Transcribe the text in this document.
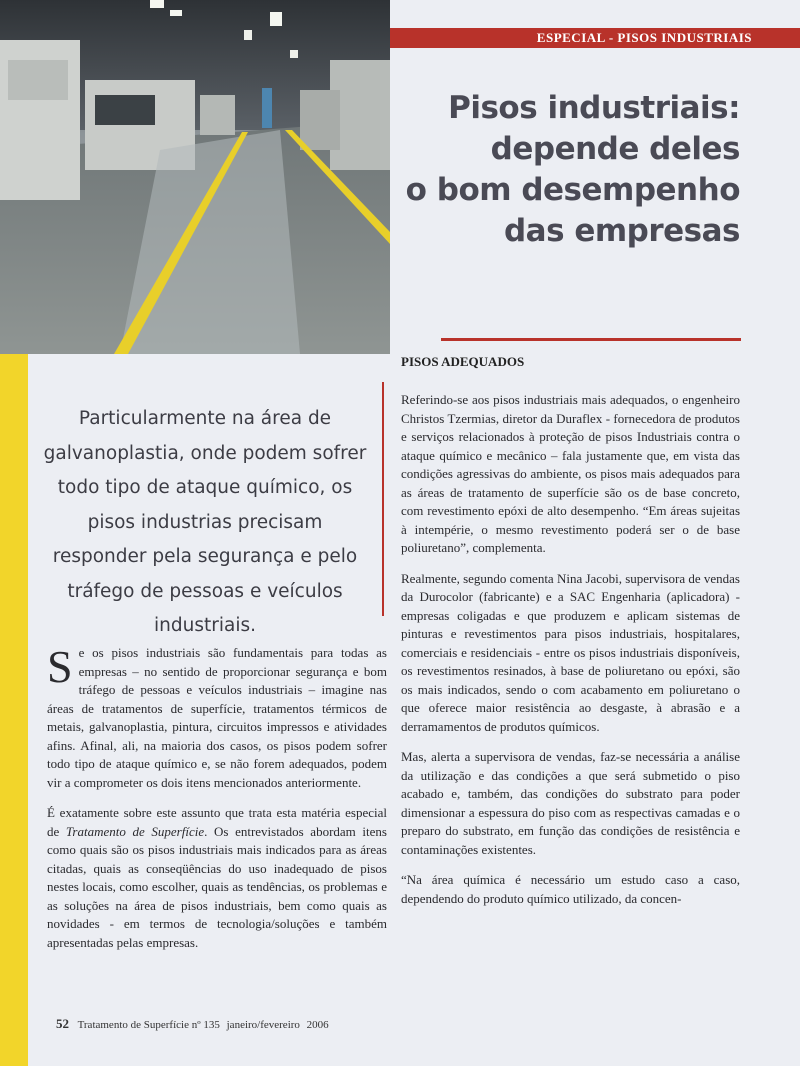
ESPECIAL - PISOS INDUSTRIAIS
Pisos industriais:
depende deles
o bom desempenho
das empresas
PISOS ADEQUADOS
Particularmente na área de galvanoplastia, onde podem sofrer todo tipo de ataque químico, os pisos industrias precisam responder pela segurança e pelo tráfego de pessoas e veículos industriais.

Se os pisos industriais são fundamentais para todas as empresas – no sentido de proporcionar segurança e bom tráfego de pessoas e veículos industriais – imagine nas áreas de tratamentos de superfície, tratamentos térmicos de metais, galvanoplastia, pintura, circuitos impressos e atividades afins. Afinal, ali, na maioria dos casos, os pisos podem sofrer todo tipo de ataque químico e, se não forem adequados, podem vir a comprometer os dois itens mencionados anteriormente.

É exatamente sobre este assunto que trata esta matéria especial de Tratamento de Superfície. Os entrevistados abordam itens como quais são os pisos industriais mais indicados para as áreas citadas, quais as conseqüências do uso inadequado de pisos nestes locais, como escolher, quais as tendências, os problemas e as soluções na área de pisos industriais, bem como quais as novidades - em termos de tecnologia/soluções e também apresentadas pelas empresas.

Referindo-se aos pisos industriais mais adequados, o engenheiro Christos Tzermias, diretor da Duraflex - fornecedora de produtos e serviços relacionados à proteção de pisos Industriais contra o ataque químico e mecânico – fala justamente que, em vista das condições agressivas do ambiente, os pisos mais adequados para as áreas de tratamento de superfície são os de base concreto, com revestimento epóxi de alto desempenho. “Em áreas sujeitas à intempérie, o mesmo revestimento poderá ser o de base poliuretano”, complementa.

Realmente, segundo comenta Nina Jacobi, supervisora de vendas da Durocolor (fabricante) e a SAC Engenharia (aplicadora) - empresas coligadas e que produzem e aplicam sistemas de pinturas e revestimentos para pisos industriais, hospitalares, comerciais e residenciais - entre os pisos industriais disponíveis, os revestimentos resinados, à base de poliuretano ou epóxi, são os mais indicados, sendo o com acabamento em poliuretano o que oferece maior resistência ao desgaste, à abrasão e a derramamentos de produtos químicos.

Mas, alerta a supervisora de vendas, faz-se necessária a análise da utilização e das condições a que será submetido o piso acabado e, também, das condições do substrato para poder dimensionar a espessura do piso com as respectivas camadas e o preparo do substrato, em função das condições de resistência e contaminações existentes.

“Na área química é necessário um estudo caso a caso, dependendo do produto químico utilizado, da concen-

52 Tratamento de Superfície nº 135 janeiro/fevereiro 2006
